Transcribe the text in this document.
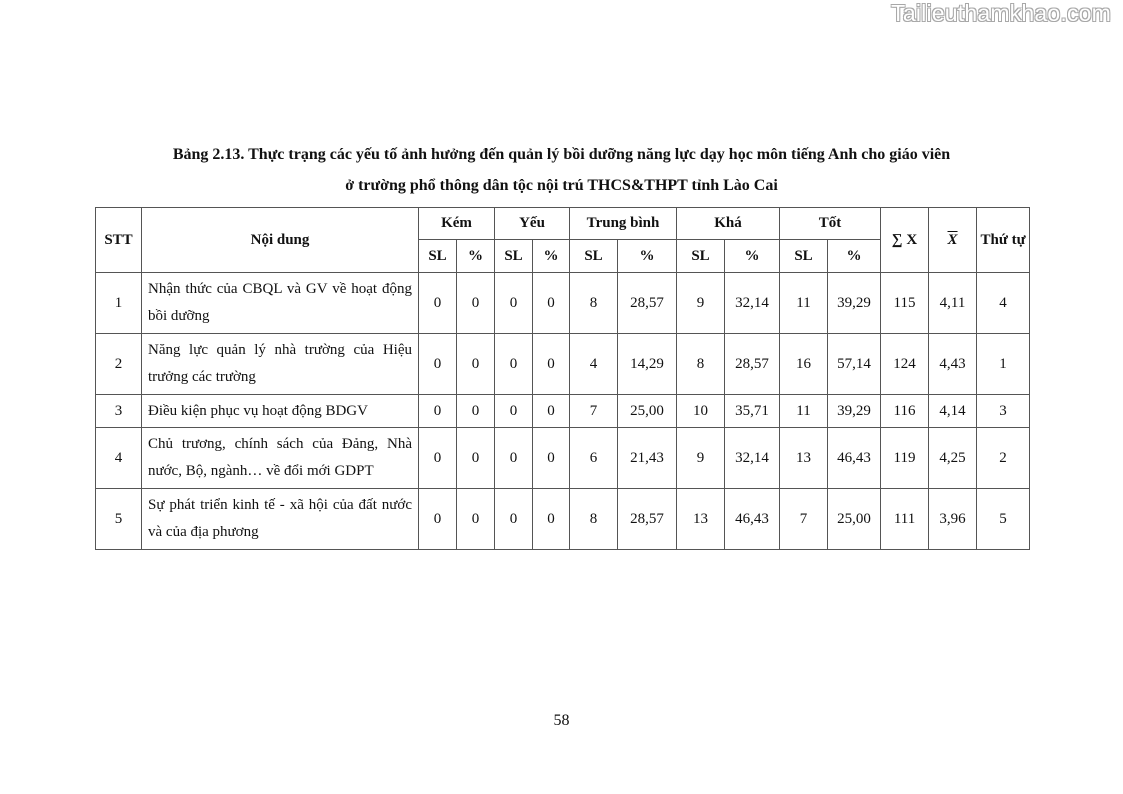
Tailieuthamkhao.com
Bảng 2.13. Thực trạng các yếu tố ảnh hưởng đến quản lý bồi dưỡng năng lực dạy học môn tiếng Anh cho giáo viên
ở trường phổ thông dân tộc nội trú THCS&THPT tỉnh Lào Cai
STT	Nội dung	Kém		Yếu		Trung bình		Khá		Tốt		∑ X	$\overline{X}$	Thứ tự
		SL	%	SL	%	SL	%	SL	%	SL	%			
1	Nhận thức của CBQL và GV về hoạt động bồi dưỡng	0	0	0	0	8	28,57	9	32,14	11	39,29	115	4,11	4
2	Năng lực quản lý nhà trường của Hiệu trưởng các trường	0	0	0	0	4	14,29	8	28,57	16	57,14	124	4,43	1
3	Điều kiện phục vụ hoạt động BDGV	0	0	0	0	7	25,00	10	35,71	11	39,29	116	4,14	3
4	Chủ trương, chính sách của Đảng, Nhà nước, Bộ, ngành… về đổi mới GDPT	0	0	0	0	6	21,43	9	32,14	13	46,43	119	4,25	2
5	Sự phát triển kinh tế - xã hội của đất nước và của địa phương	0	0	0	0	8	28,57	13	46,43	7	25,00	111	3,96	5
58
